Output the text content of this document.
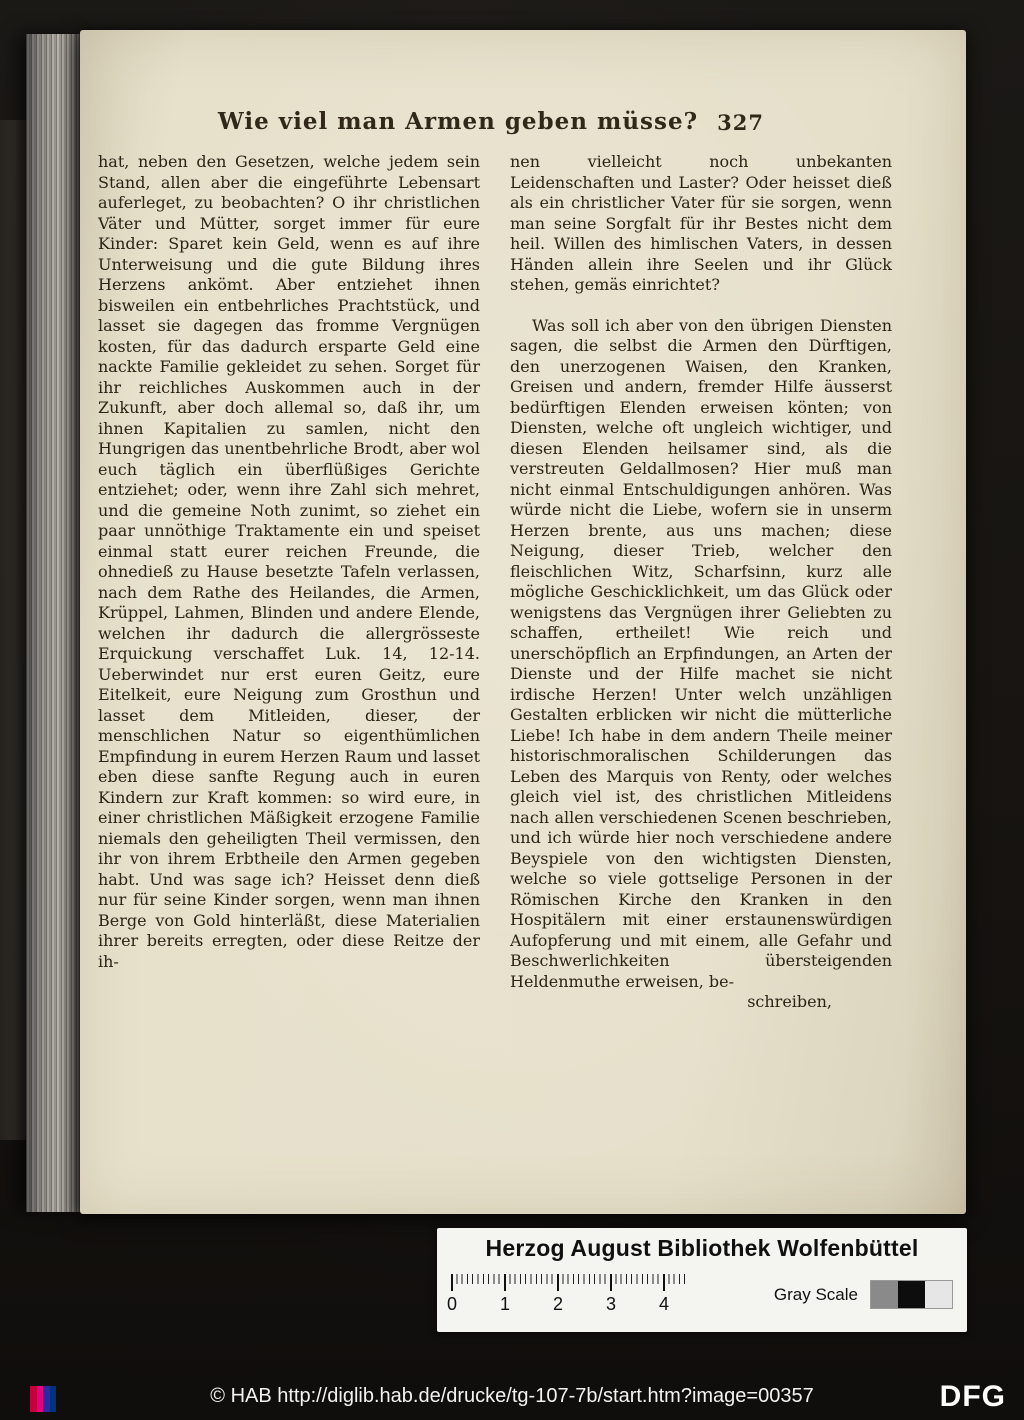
Wie viel man Armen geben müsse? 327

hat, neben den Gesetzen, welche jedem sein Stand, allen aber die eingeführte Lebensart auferleget, zu beobachten? O ihr christlichen Väter und Mütter, sorget immer für eure Kinder: Sparet kein Geld, wenn es auf ihre Unterweisung und die gute Bildung ihres Herzens ankömt. Aber entziehet ihnen bisweilen ein entbehrliches Prachtstück, und lasset sie dagegen das fromme Vergnügen kosten, für das dadurch ersparte Geld eine nackte Familie gekleidet zu sehen. Sorget für ihr reichliches Auskommen auch in der Zukunft, aber doch allemal so, daß ihr, um ihnen Kapitalien zu samlen, nicht den Hungrigen das unentbehrliche Brodt, aber wol euch täglich ein überflüßiges Gerichte entziehet; oder, wenn ihre Zahl sich mehret, und die gemeine Noth zunimt, so ziehet ein paar unnöthige Traktamente ein und speiset einmal statt eurer reichen Freunde, die ohnedieß zu Hause besetzte Tafeln verlassen, nach dem Rathe des Heilandes, die Armen, Krüppel, Lahmen, Blinden und andere Elende, welchen ihr dadurch die allergrösseste Erquickung verschaffet Luk. 14, 12-14. Ueberwindet nur erst euren Geitz, eure Eitelkeit, eure Neigung zum Grosthun und lasset dem Mitleiden, dieser, der menschlichen Natur so eigenthümlichen Empfindung in eurem Herzen Raum und lasset eben diese sanfte Regung auch in euren Kindern zur Kraft kommen: so wird eure, in einer christlichen Mäßigkeit erzogene Familie niemals den geheiligten Theil vermissen, den ihr von ihrem Erbtheile den Armen gegeben habt. Und was sage ich? Heisset denn dieß nur für seine Kinder sorgen, wenn man ihnen Berge von Gold hinterläßt, diese Materialien ihrer bereits erregten, oder diese Reitze der ih-

nen vielleicht noch unbekanten Leidenschaften und Laster? Oder heisset dieß als ein christlicher Vater für sie sorgen, wenn man seine Sorgfalt für ihr Bestes nicht dem heil. Willen des himlischen Vaters, in dessen Händen allein ihre Seelen und ihr Glück stehen, gemäs einrichtet?

Was soll ich aber von den übrigen Diensten sagen, die selbst die Armen den Dürftigen, den unerzogenen Waisen, den Kranken, Greisen und andern, fremder Hilfe äusserst bedürftigen Elenden erweisen könten; von Diensten, welche oft ungleich wichtiger, und diesen Elenden heilsamer sind, als die verstreuten Geldallmosen? Hier muß man nicht einmal Entschuldigungen anhören. Was würde nicht die Liebe, wofern sie in unserm Herzen brente, aus uns machen; diese Neigung, dieser Trieb, welcher den fleischlichen Witz, Scharfsinn, kurz alle mögliche Geschicklichkeit, um das Glück oder wenigstens das Vergnügen ihrer Geliebten zu schaffen, ertheilet! Wie reich und unerschöpflich an Erpfindungen, an Arten der Dienste und der Hilfe machet sie nicht irdische Herzen! Unter welch unzähligen Gestalten erblicken wir nicht die mütterliche Liebe! Ich habe in dem andern Theile meiner historischmoralischen Schilderungen das Leben des Marquis von Renty, oder welches gleich viel ist, des christlichen Mitleidens nach allen verschiedenen Scenen beschrieben, und ich würde hier noch verschiedene andere Beyspiele von den wichtigsten Diensten, welche so viele gottselige Personen in der Römischen Kirche den Kranken in den Hospitälern mit einer erstaunenswürdigen Aufopferung und mit einem, alle Gefahr und Beschwerlichkeiten übersteigenden Heldenmuthe erweisen, be-

schreiben,

Herzog August Bibliothek Wolfenbüttel
0	1	2	3	4	Gray Scale
© HAB http://diglib.hab.de/drucke/tg-107-7b/start.htm?image=00357	DFG
